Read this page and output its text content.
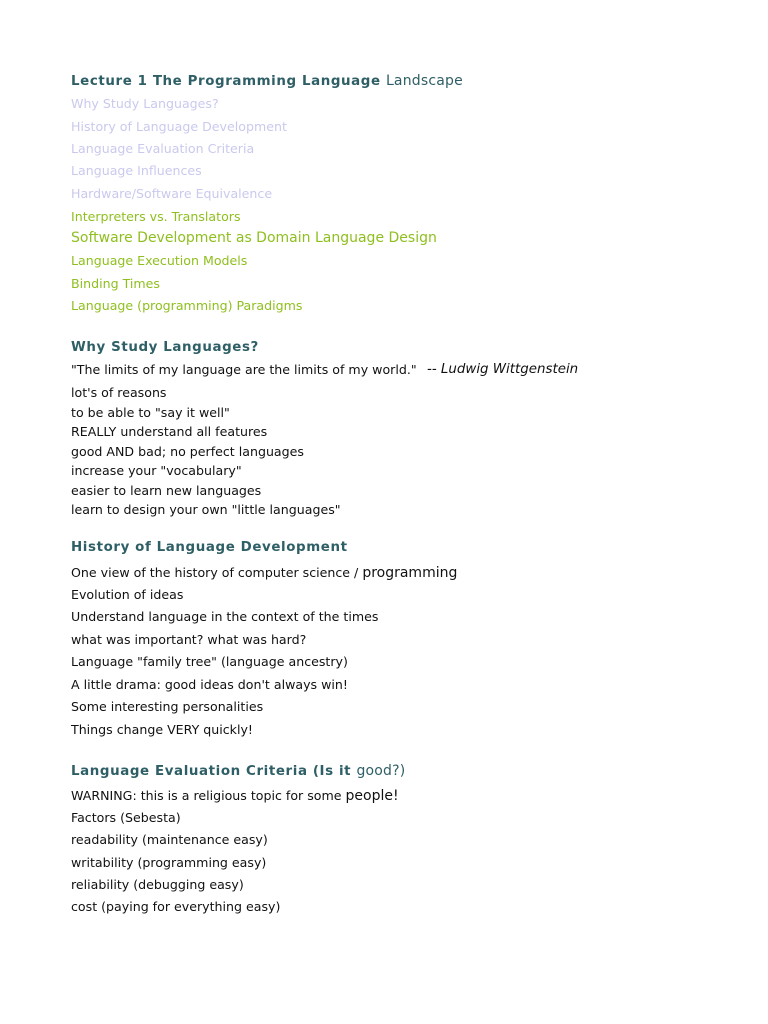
Lecture 1 The Programming Language Landscape
Why Study Languages?
History of Language Development
Language Evaluation Criteria
Language Influences
Hardware/Software Equivalence
Interpreters vs. Translators
Software Development as Domain Language Design
Language Execution Models
Binding Times
Language (programming) Paradigms
Why Study Languages?
"The limits of my language are the limits of my world." -- Ludwig Wittgenstein
lot's of reasons
to be able to "say it well"
REALLY understand all features
good AND bad; no perfect languages
increase your "vocabulary"
easier to learn new languages
learn to design your own "little languages"
History of Language Development
One view of the history of computer science / programming
Evolution of ideas
Understand language in the context of the times
what was important? what was hard?
Language "family tree" (language ancestry)
A little drama: good ideas don't always win!
Some interesting personalities
Things change VERY quickly!
Language Evaluation Criteria (Is it good?)
WARNING: this is a religious topic for some people!
Factors (Sebesta)
readability (maintenance easy)
writability (programming easy)
reliability (debugging easy)
cost (paying for everything easy)
